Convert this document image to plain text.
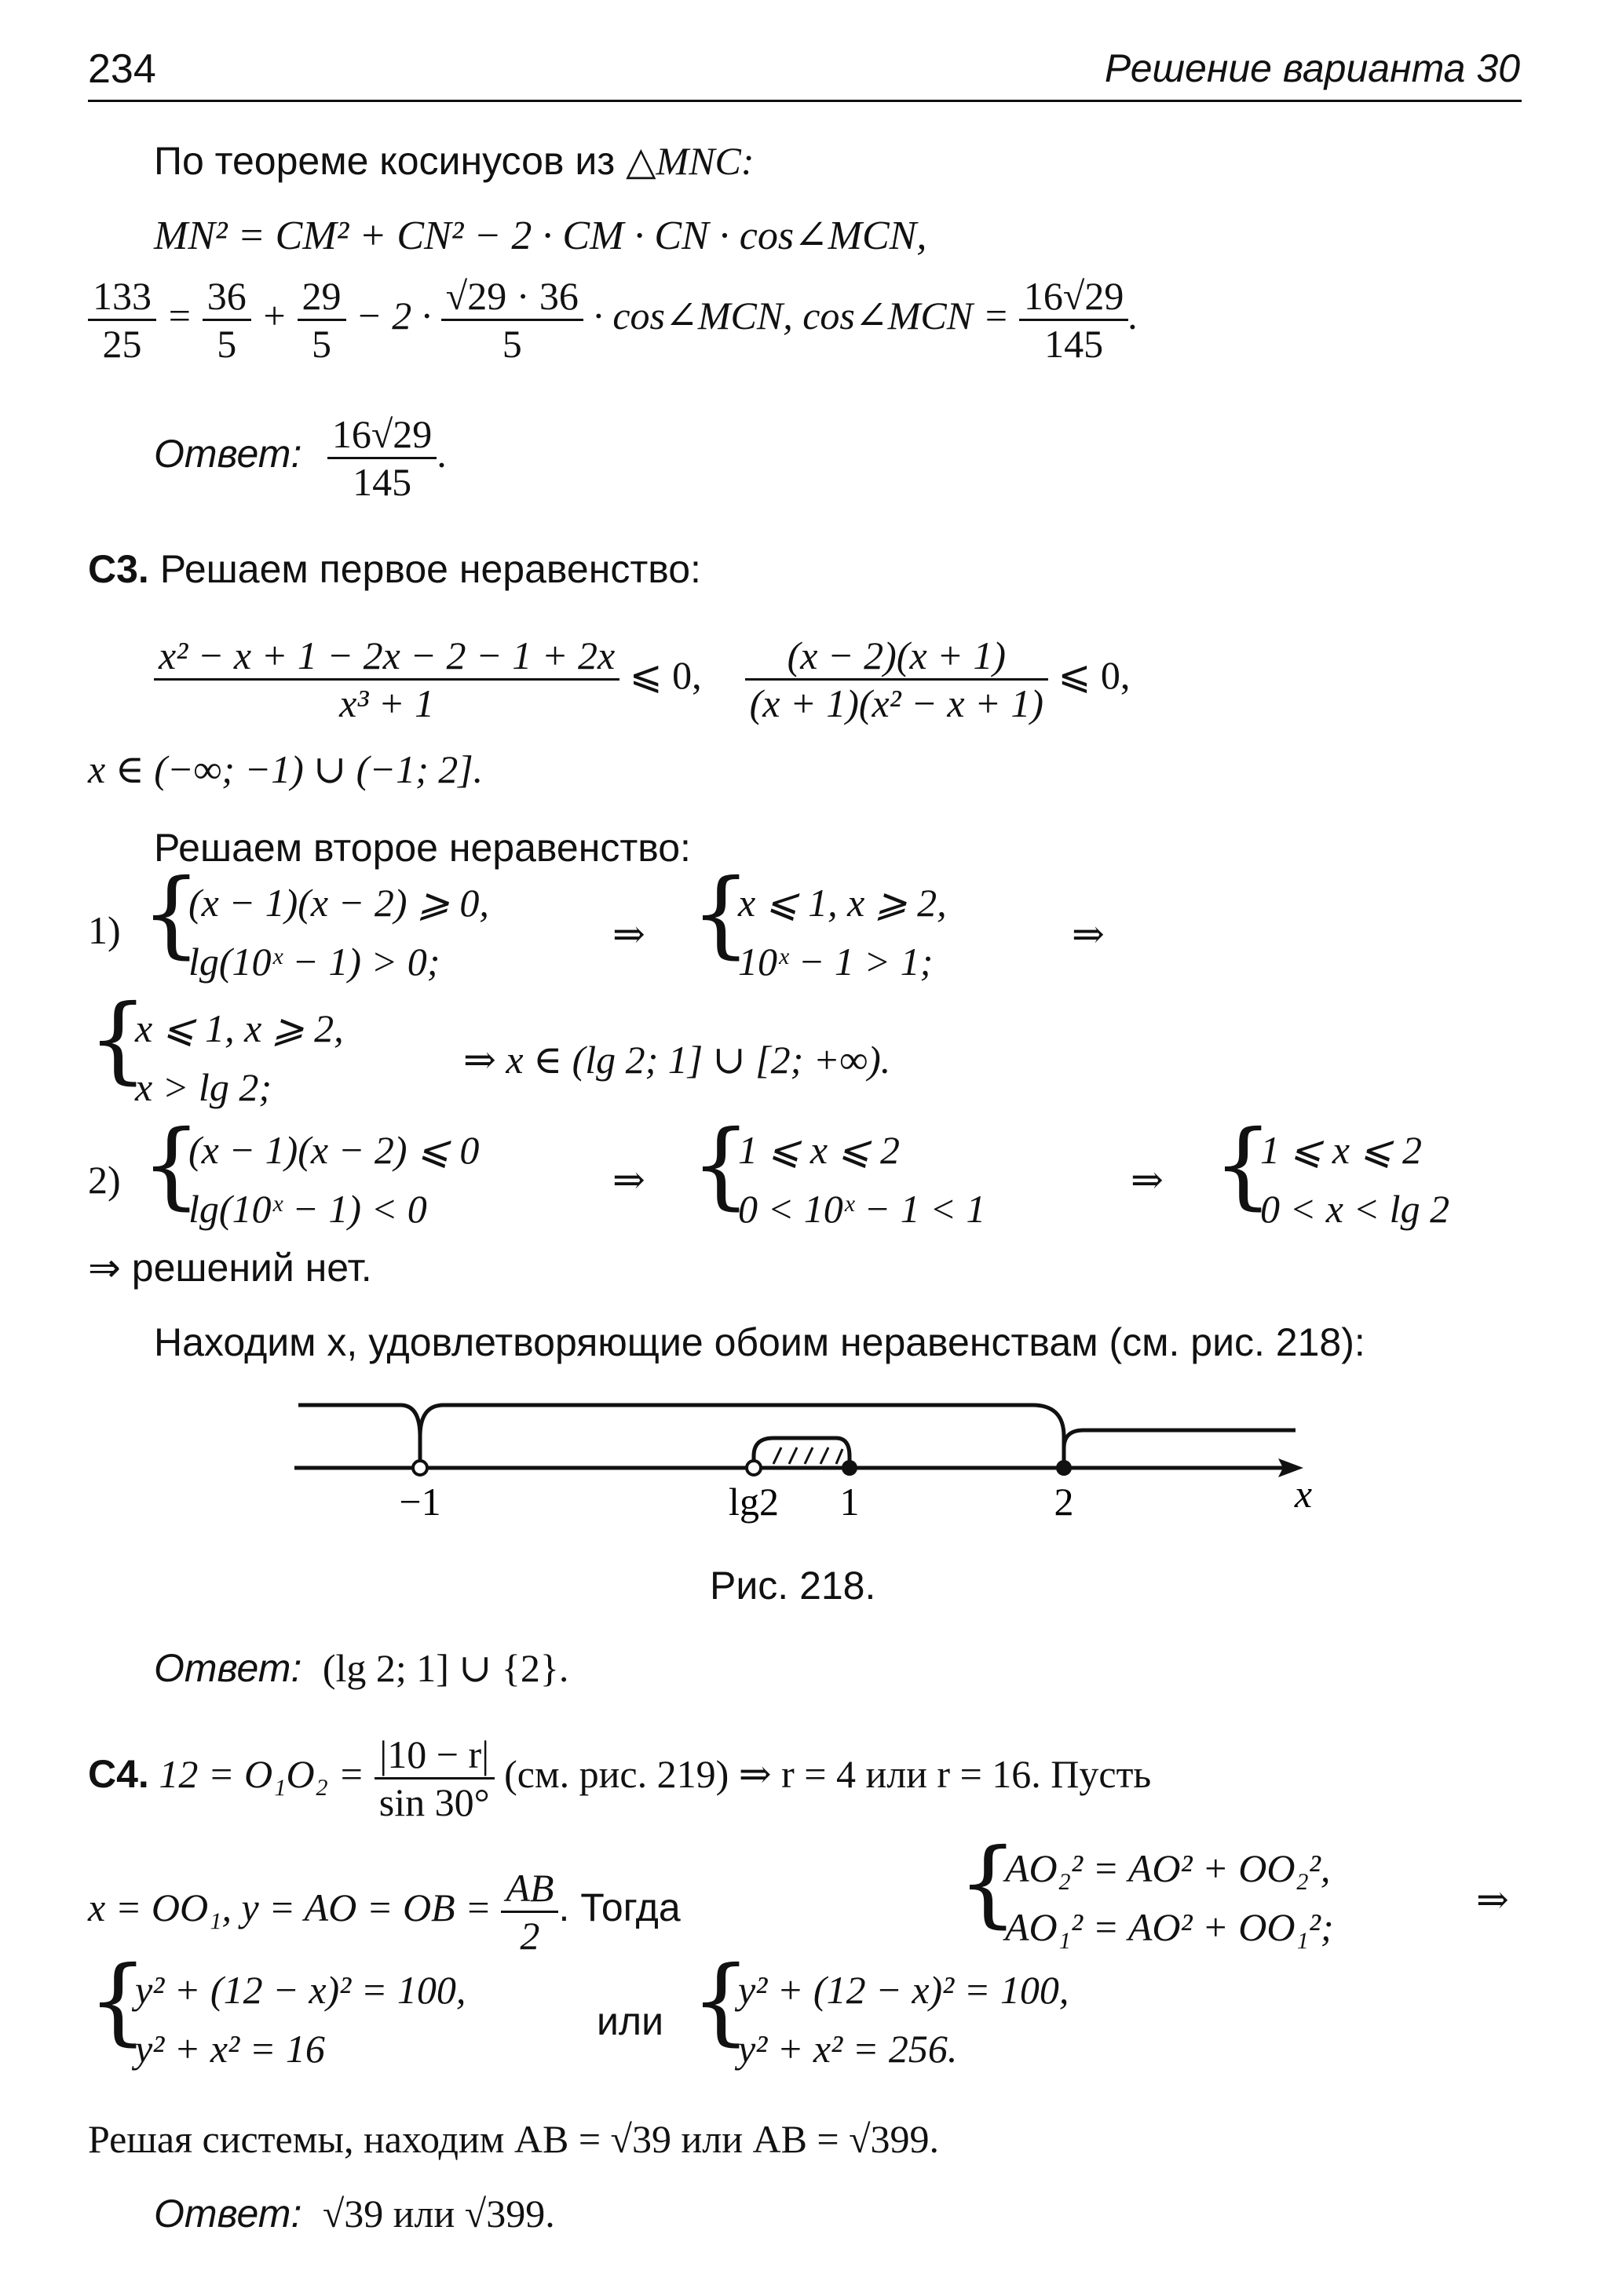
234	Решение варианта 30
По теореме косинусов из △MNC:
MN² = CM² + CN² − 2 · CM · CN · cos∠MCN,
$\frac{133}{25} = \frac{36}{5} + \frac{29}{5} - 2 \cdot \frac{√29 \cdot 36}{5}$ · cos∠MCN, cos∠MCN = $\frac{16√29}{145}$ .
Ответ: $\frac{16√29}{145}$ .
С3. Решаем первое неравенство:
$\frac{\text{x² − x + 1 − 2x − 2 − 1 + 2x}}{\text{x³ + 1}}$ ⩽ 0, $\frac{(x - 2)(x + 1)}{\text{(x + 1)(x² − x + 1)}}$ ⩽ 0,
x ∈ (−∞; −1) ∪ (−1; 2].
Решаем второе неравенство:
1) {
(x − 1)(x − 2) ⩾ 0,
lg(10ˣ − 1) > 0;
⇒ {
x ⩽ 1, x ⩾ 2,
10ˣ − 1 > 1;
⇒
{
x ⩽ 1, x ⩾ 2,
x > lg 2;
⇒ x ∈ (lg 2; 1] ∪ [2; +∞).
2) {
(x − 1)(x − 2) ⩽ 0
lg(10ˣ − 1) < 0
⇒ {
1 ⩽ x ⩽ 2
0 < 10ˣ − 1 < 1
⇒ {
1 ⩽ x ⩽ 2
0 < x < lg 2
⇒ решений нет.
Находим x, удовлетворяющие обоим неравенствам (см. рис. 218):
−1	lg2 1	2	x
Рис. 218.
Ответ: (lg 2; 1] ∪ {2}.
С4. $12 = O_1O_2 = \frac{|10 - r|}{\sin 30^\circ} (см$. рис. 219) ⇒ r = 4 или r = 16. Пусть
x = OO₁, y = AO = OB = $\frac{AB}{2}$ . Тогда	{
AO₂² = AO² + OO₂²,
AO₁² = AO² + OO₁²;
⇒
{
y² + (12 − x)² = 100,
y² + x² = 16
или {
y² + (12 − x)² = 100,
y² + x² = 256.
Решая системы, находим AB = √39 или AB = √399.
Ответ: √39 или √399.
